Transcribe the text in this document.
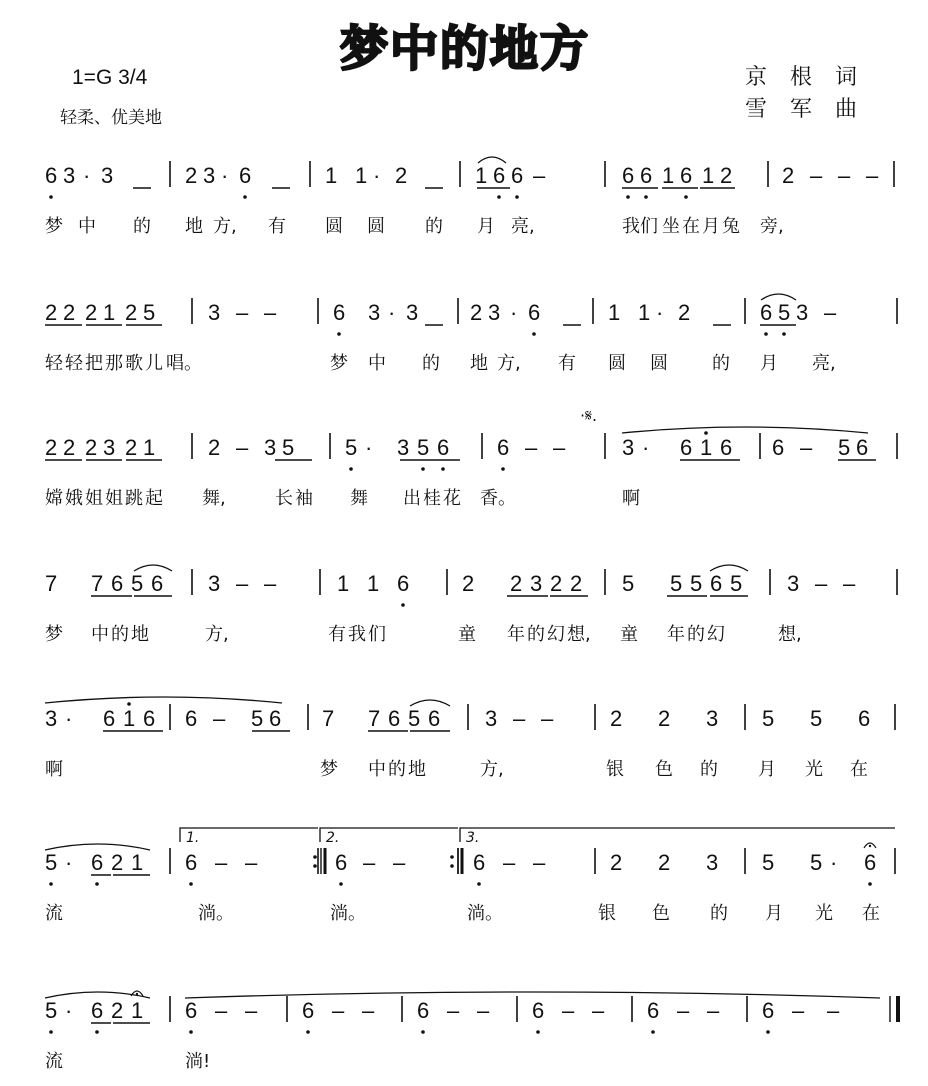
梦中的地方
1=G 3/4
轻柔、优美地
京 根 词
雪 军 曲
6 3 · 3	2 3 · 6	1 1 · 2	1 6 6 –	6 6 1 6 1 2 2 – – –
梦 中 的 地 方, 有 圆 圆 的 月 亮,	我 们 坐 在 月 兔 旁,
2 2 2 1 2 5 3 – –	6 3 · 3 2 3 · 6	1 1 · 2	6 5 3 –
轻 轻 把 那 歌 儿 唱。	梦 中 的 地 方, 有 圆 圆 的 月 亮,
2 2 2 3 2 1 2 – 3 5 5 · 3 5 6 6 – –	3 · 6 1 6 6 – 5 6
·𝄋.
嫦 娥 姐 姐 跳 起 舞,	长 袖 舞 出 桂 花 香。	啊
7 7 6 5 6 3 – –	1 1 6 2 2 3 2 2 5 5 5 6 5 3 – –
梦 中 的 地	方,	有 我 们	童 年 的 幻 想, 童 年 的 幻	想,
3 · 6 1 6 6 – 5 6 7 7 6 5 6 3 – –	2 2 3 5 5 6
啊	梦 中 的 地	方,	银 色 的 月 光 在
5 · 6 2 1 6 – –	6 – –	6 – –	2 2 3 5 5 · 6
1.	2.	3.
流	淌。	淌。	淌。	银 色 的 月 光 在
5 · 6 2 1 6 – – 6 – – 6 – – 6 – – 6 – – 6 – –
流	淌!
